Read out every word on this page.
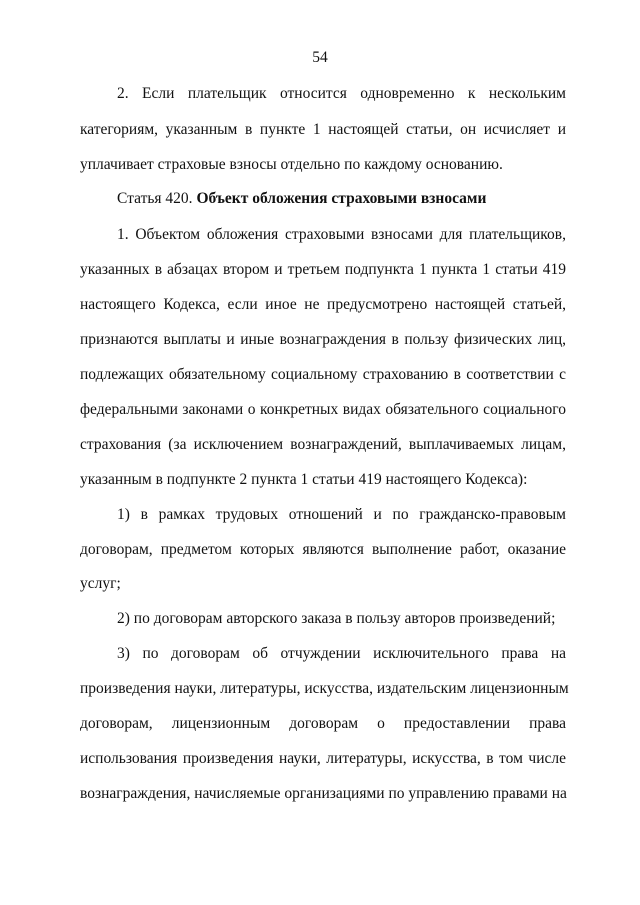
54
2. Если плательщик относится одновременно к нескольким
категориям, указанным в пункте 1 настоящей статьи, он исчисляет и
уплачивает страховые взносы отдельно по каждому основанию.
Статья 420. Объект обложения страховыми взносами
1. Объектом обложения страховыми взносами для плательщиков,
указанных в абзацах втором и третьем подпункта 1 пункта 1 статьи 419
настоящего Кодекса, если иное не предусмотрено настоящей статьей,
признаются выплаты и иные вознаграждения в пользу физических лиц,
подлежащих обязательному социальному страхованию в соответствии с
федеральными законами о конкретных видах обязательного социального
страхования (за исключением вознаграждений, выплачиваемых лицам,
указанным в подпункте 2 пункта 1 статьи 419 настоящего Кодекса):
1) в рамках трудовых отношений и по гражданско-правовым
договорам, предметом которых являются выполнение работ, оказание
услуг;
2) по договорам авторского заказа в пользу авторов произведений;
3) по договорам об отчуждении исключительного права на
произведения науки, литературы, искусства, издательским лицензионным
договорам, лицензионным договорам о предоставлении права
использования произведения науки, литературы, искусства, в том числе
вознаграждения, начисляемые организациями по управлению правами на
